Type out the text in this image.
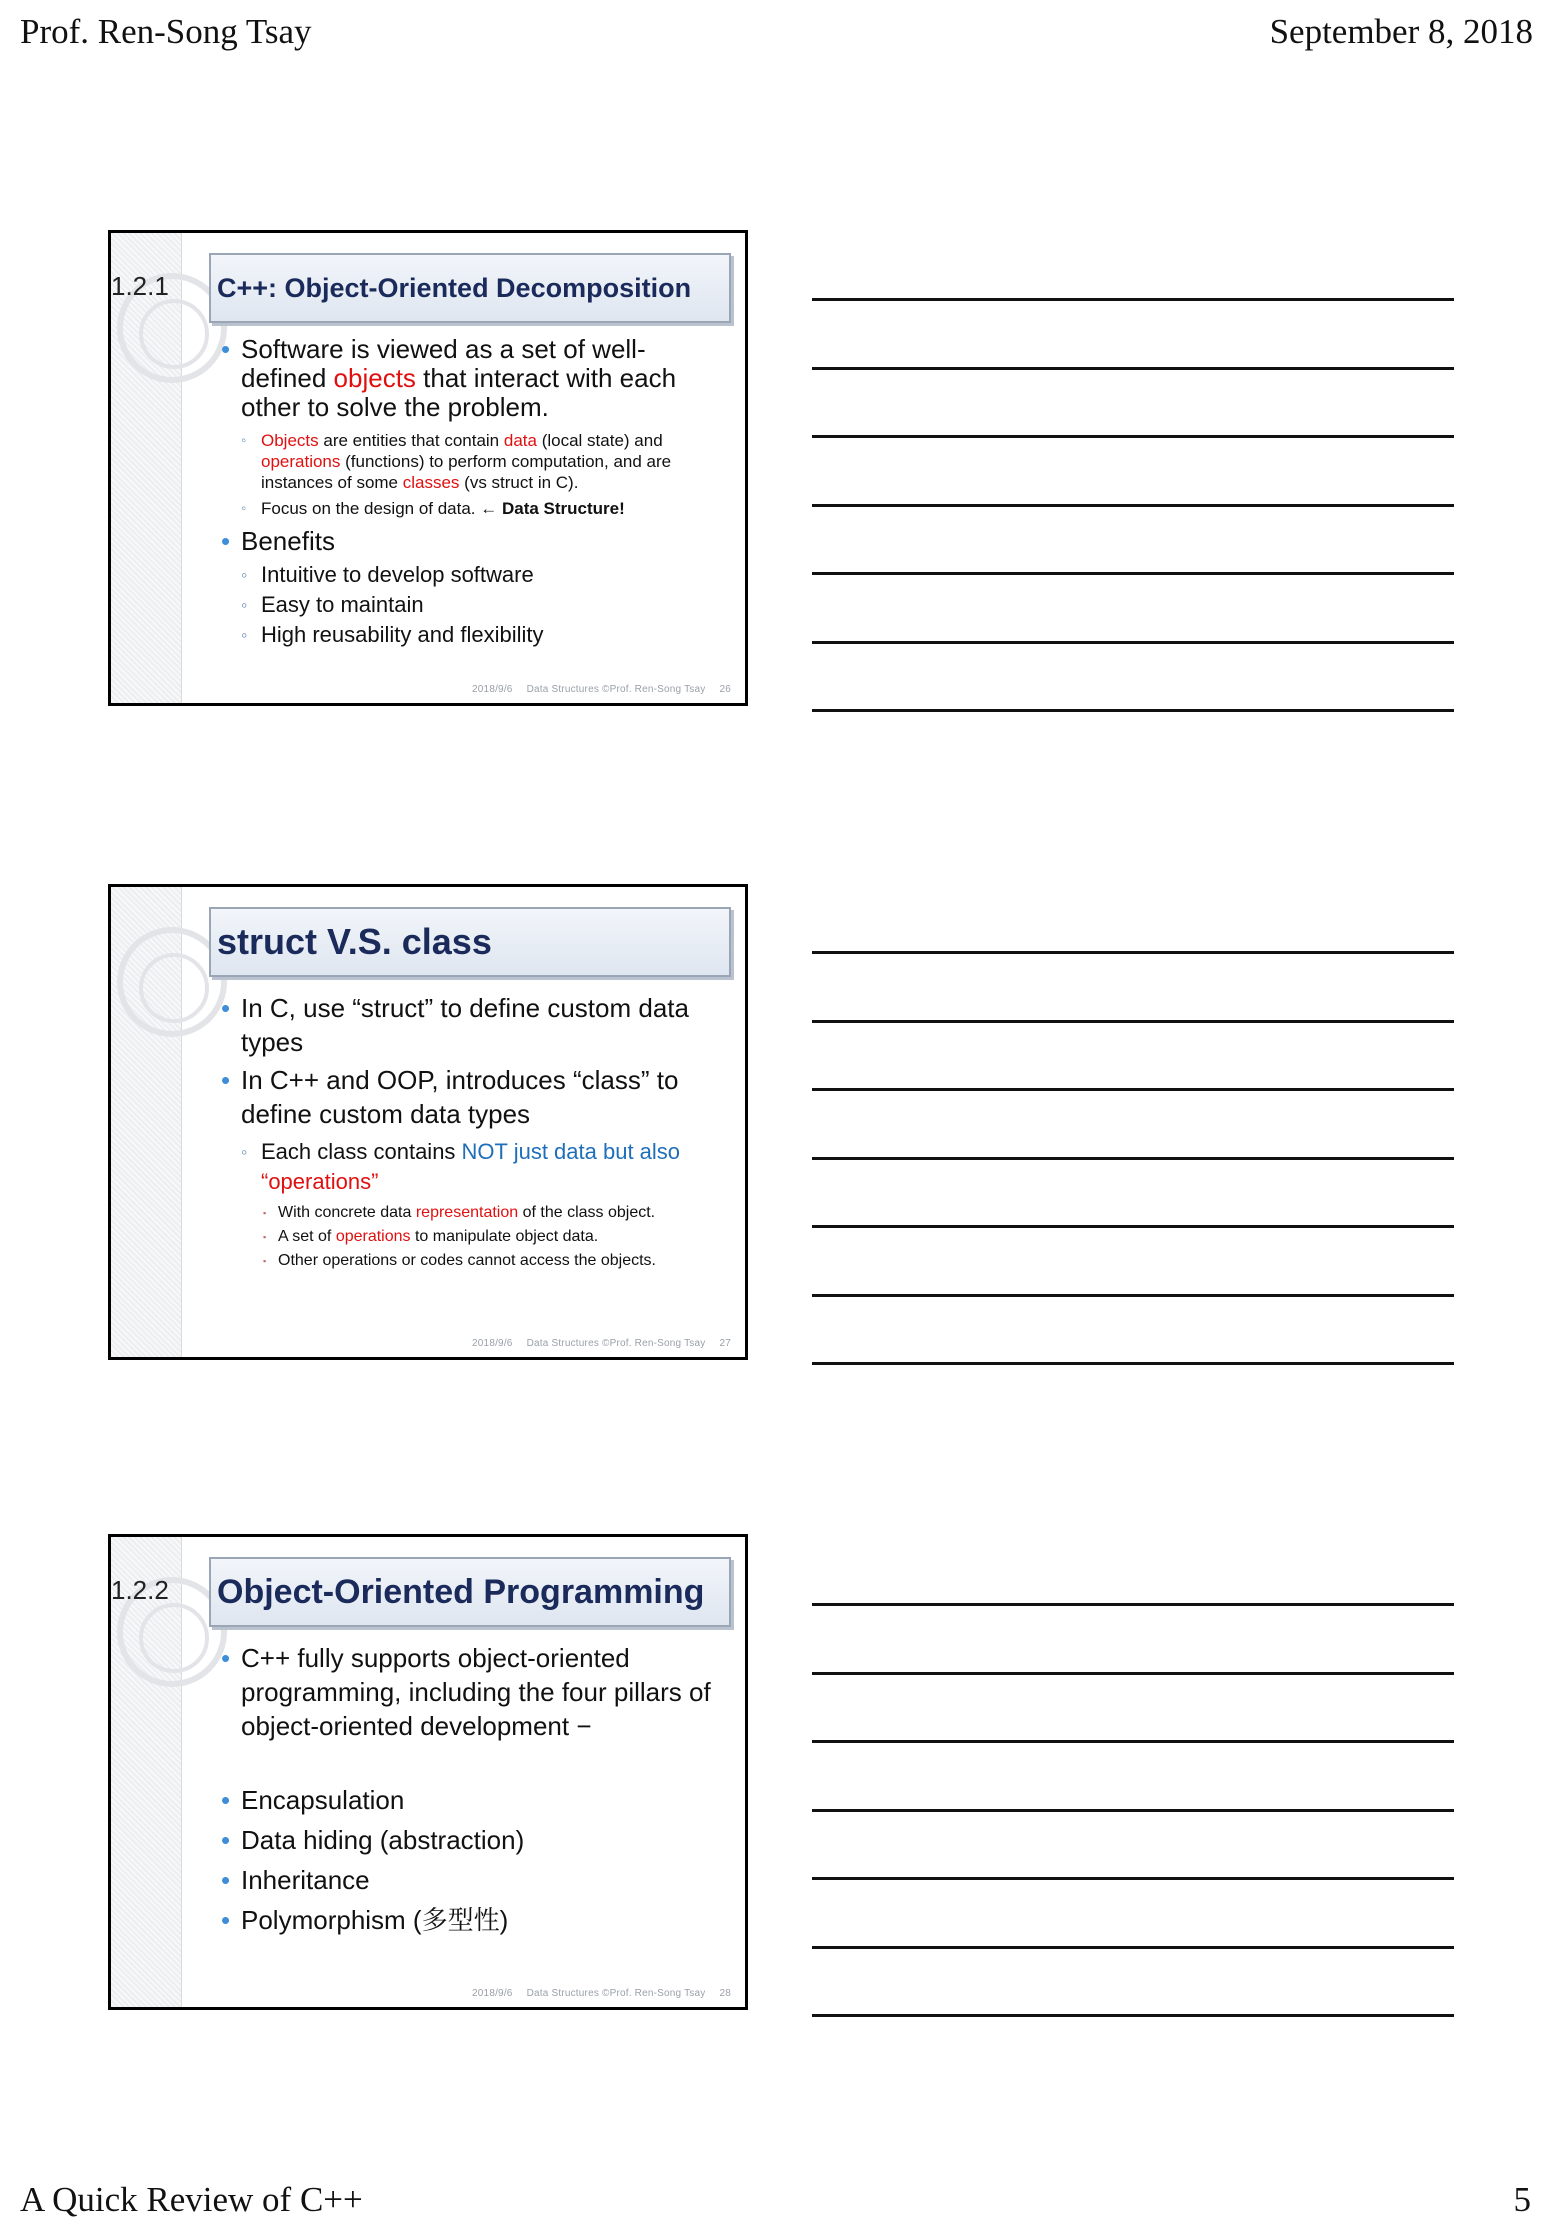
Prof. Ren-Song Tsay	September 8, 2018
1.2.1 C++: Object-Oriented Decomposition
• Software is viewed as a set of well-defined objects that interact with each other to solve the problem.
◦ Objects are entities that contain data (local state) and operations (functions) to perform computation, and are instances of some classes (vs struct in C).
◦ Focus on the design of data. ← Data Structure!
• Benefits
◦ Intuitive to develop software
◦ Easy to maintain
◦ High reusability and flexibility
2018/9/6 Data Structures ©Prof. Ren-Song Tsay 26
struct V.S. class
• In C, use “struct” to define custom data types
• In C++ and OOP, introduces “class” to define custom data types
◦ Each class contains NOT just data but also “operations”
▪ With concrete data representation of the class object.
▪ A set of operations to manipulate object data.
▪ Other operations or codes cannot access the objects.
2018/9/6 Data Structures ©Prof. Ren-Song Tsay 27
1.2.2 Object-Oriented Programming
• C++ fully supports object-oriented programming, including the four pillars of object-oriented development −
• Encapsulation
• Data hiding (abstraction)
• Inheritance
• Polymorphism (多型性)
2018/9/6 Data Structures ©Prof. Ren-Song Tsay 28
A Quick Review of C++	5
